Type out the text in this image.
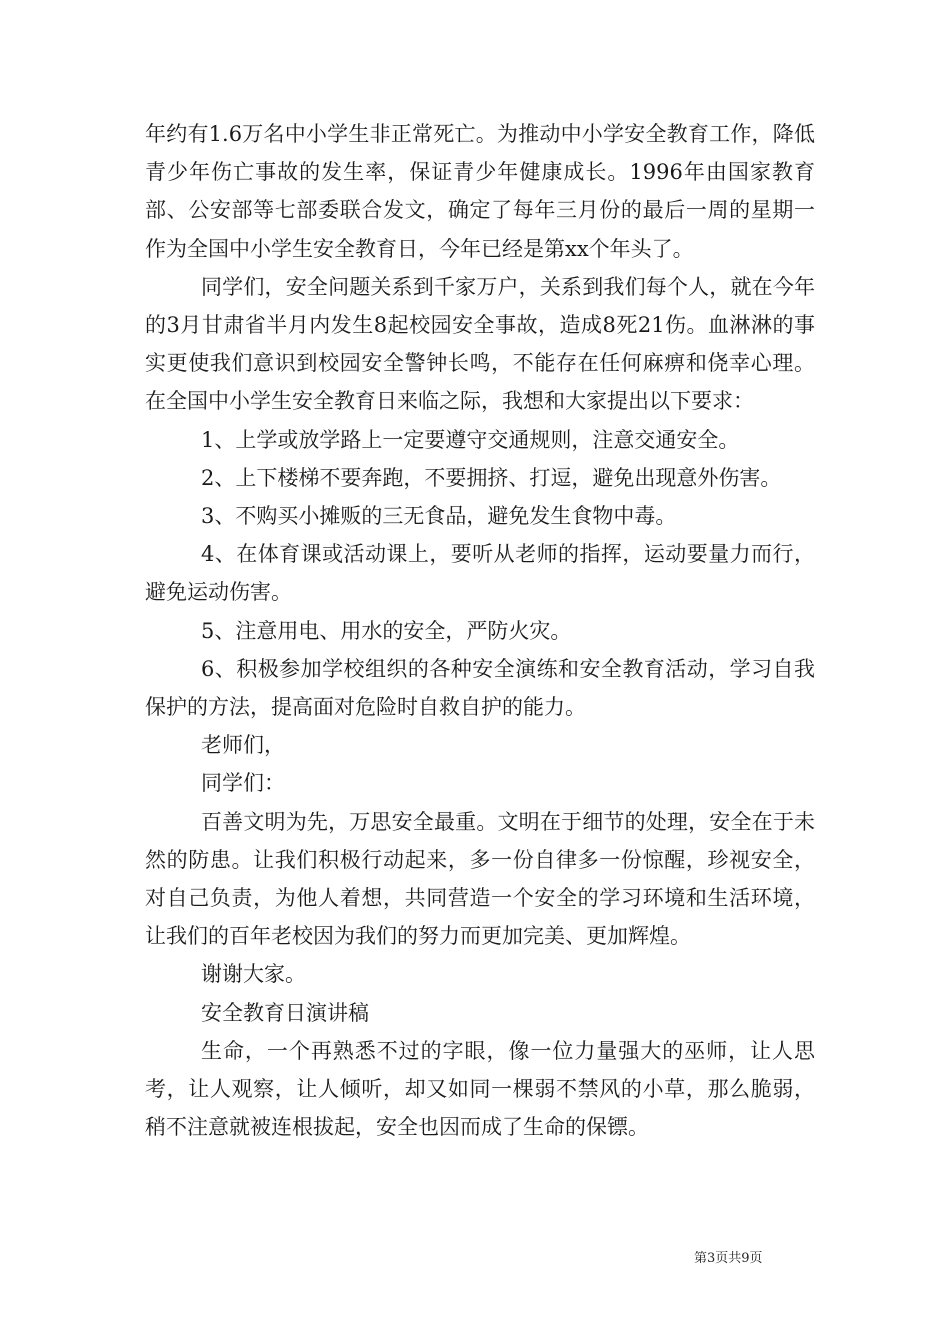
年约有1.6万名中小学生非正常死亡。为推动中小学安全教育工作，降低青少年伤亡事故的发生率，保证青少年健康成长。1996年由国家教育部、公安部等七部委联合发文，确定了每年三月份的最后一周的星期一作为全国中小学生安全教育日，今年已经是第xx个年头了。

同学们，安全问题关系到千家万户，关系到我们每个人，就在今年的3月甘肃省半月内发生8起校园安全事故，造成8死21伤。血淋淋的事实更使我们意识到校园安全警钟长鸣，不能存在任何麻痹和侥幸心理。在全国中小学生安全教育日来临之际，我想和大家提出以下要求：

1、上学或放学路上一定要遵守交通规则，注意交通安全。

2、上下楼梯不要奔跑，不要拥挤、打逗，避免出现意外伤害。

3、不购买小摊贩的三无食品，避免发生食物中毒。

4、在体育课或活动课上，要听从老师的指挥，运动要量力而行，避免运动伤害。

5、注意用电、用水的安全，严防火灾。

6、积极参加学校组织的各种安全演练和安全教育活动，学习自我保护的方法，提高面对危险时自救自护的能力。

老师们，

同学们：

百善文明为先，万思安全最重。文明在于细节的处理，安全在于未然的防患。让我们积极行动起来，多一份自律多一份惊醒，珍视安全，对自己负责，为他人着想，共同营造一个安全的学习环境和生活环境，让我们的百年老校因为我们的努力而更加完美、更加辉煌。

谢谢大家。

安全教育日演讲稿

生命，一个再熟悉不过的字眼，像一位力量强大的巫师，让人思考，让人观察，让人倾听，却又如同一棵弱不禁风的小草，那么脆弱，稍不注意就被连根拔起，安全也因而成了生命的保镖。

第3页共9页
